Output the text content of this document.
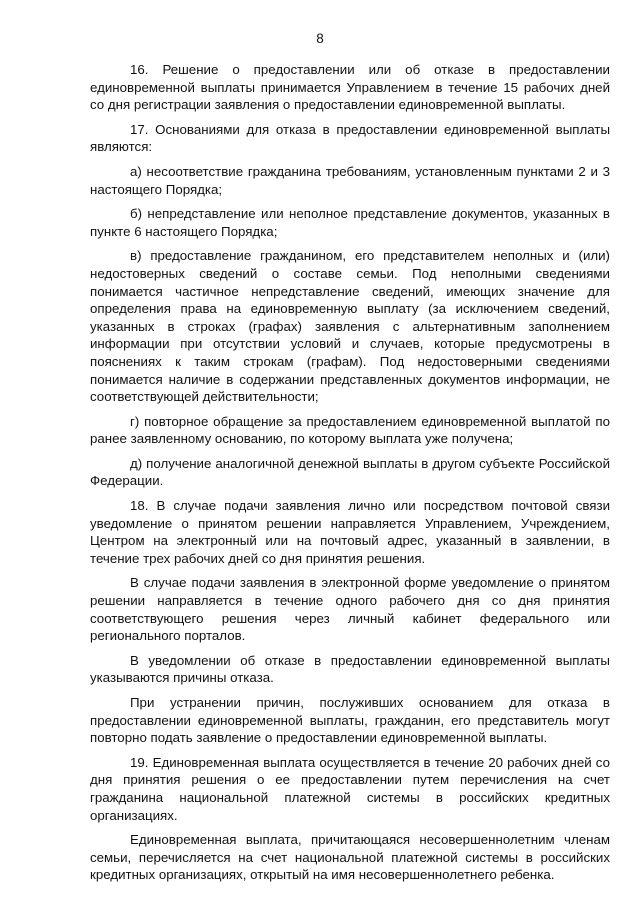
8

16. Решение о предоставлении или об отказе в предоставлении единовременной выплаты принимается Управлением в течение 15 рабочих дней со дня регистрации заявления о предоставлении единовременной выплаты.

17. Основаниями для отказа в предоставлении единовременной выплаты являются:

а) несоответствие гражданина требованиям, установленным пунктами 2 и 3 настоящего Порядка;

б) непредставление или неполное представление документов, указанных в пункте 6 настоящего Порядка;

в) предоставление гражданином, его представителем неполных и (или) недостоверных сведений о составе семьи. Под неполными сведениями понимается частичное непредставление сведений, имеющих значение для определения права на единовременную выплату (за исключением сведений, указанных в строках (графах) заявления с альтернативным заполнением информации при отсутствии условий и случаев, которые предусмотрены в пояснениях к таким строкам (графам). Под недостоверными сведениями понимается наличие в содержании представленных документов информации, не соответствующей действительности;

г) повторное обращение за предоставлением единовременной выплатой по ранее заявленному основанию, по которому выплата уже получена;

д) получение аналогичной денежной выплаты в другом субъекте Российской Федерации.

18. В случае подачи заявления лично или посредством почтовой связи уведомление о принятом решении направляется Управлением, Учреждением, Центром на электронный или на почтовый адрес, указанный в заявлении, в течение трех рабочих дней со дня принятия решения.

В случае подачи заявления в электронной форме уведомление о принятом решении направляется в течение одного рабочего дня со дня принятия соответствующего решения через личный кабинет федерального или регионального порталов.

В уведомлении об отказе в предоставлении единовременной выплаты указываются причины отказа.

При устранении причин, послуживших основанием для отказа в предоставлении единовременной выплаты, гражданин, его представитель могут повторно подать заявление о предоставлении единовременной выплаты.

19. Единовременная выплата осуществляется в течение 20 рабочих дней со дня принятия решения о ее предоставлении путем перечисления на счет гражданина национальной платежной системы в российских кредитных организациях.

Единовременная выплата, причитающаяся несовершеннолетним членам семьи, перечисляется на счет национальной платежной системы в российских кредитных организациях, открытый на имя несовершеннолетнего ребенка.
